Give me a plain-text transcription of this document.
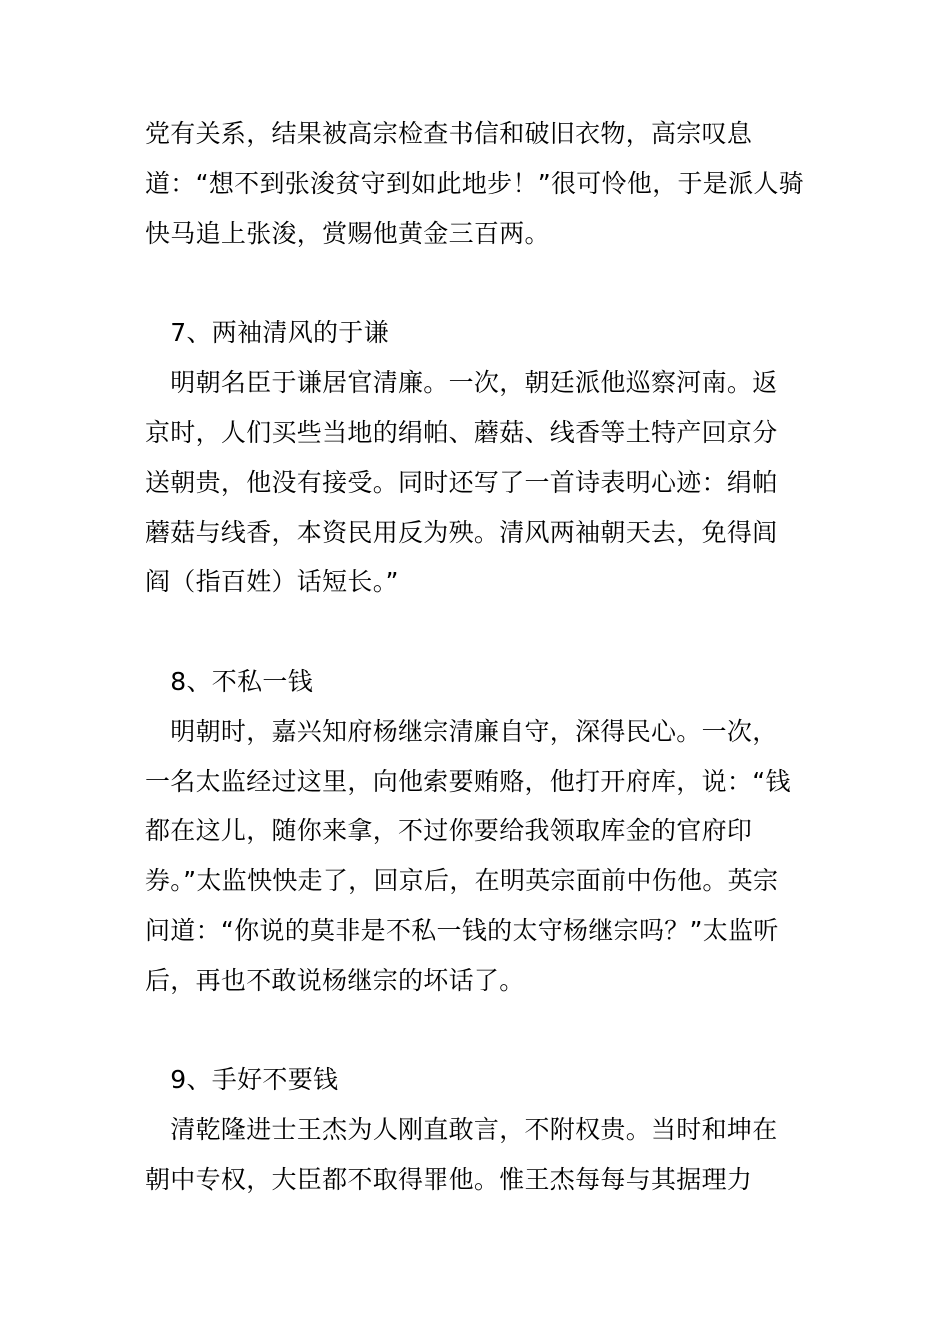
党有关系，结果被高宗检查书信和破旧衣物，高宗叹息
道：“想不到张浚贫守到如此地步！”很可怜他，于是派人骑
快马追上张浚，赏赐他黄金三百两。
　7、两袖清风的于谦
　明朝名臣于谦居官清廉。一次，朝廷派他巡察河南。返
京时，人们买些当地的绢帕、蘑菇、线香等土特产回京分
送朝贵，他没有接受。同时还写了一首诗表明心迹：绢帕
蘑菇与线香，本资民用反为殃。清风两袖朝天去，免得闾
阎（指百姓）话短长。”
　8、不私一钱
　明朝时，嘉兴知府杨继宗清廉自守，深得民心。一次，
一名太监经过这里，向他索要贿赂，他打开府库，说：“钱
都在这儿，随你来拿，不过你要给我领取库金的官府印
券。”太监怏怏走了，回京后，在明英宗面前中伤他。英宗
问道：“你说的莫非是不私一钱的太守杨继宗吗？”太监听
后，再也不敢说杨继宗的坏话了。
　9、手好不要钱
　清乾隆进士王杰为人刚直敢言，不附权贵。当时和坤在
朝中专权，大臣都不取得罪他。惟王杰每每与其据理力
